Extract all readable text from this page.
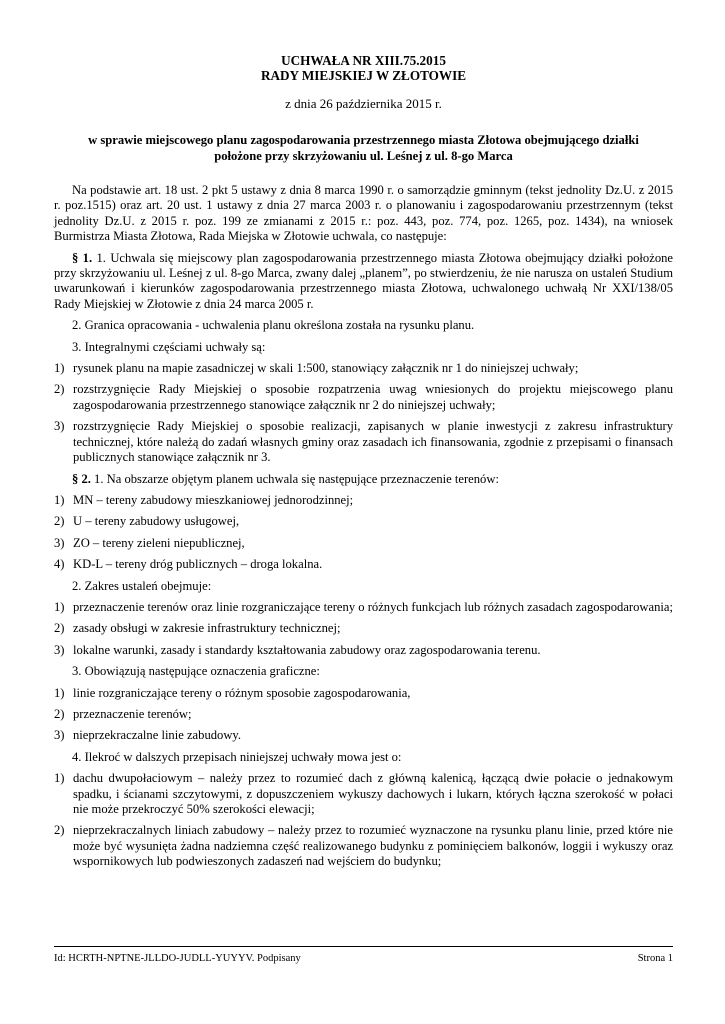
UCHWAŁA NR XIII.75.2015
RADY MIEJSKIEJ W ZŁOTOWIE
z dnia 26 października 2015 r.
w sprawie miejscowego planu zagospodarowania przestrzennego miasta Złotowa obejmującego działki
położone przy skrzyżowaniu ul. Leśnej z ul. 8-go Marca

Na podstawie art. 18 ust. 2 pkt 5 ustawy z dnia 8 marca 1990 r. o samorządzie gminnym (tekst jednolity Dz.U. z 2015 r. poz.1515) oraz art. 20 ust. 1 ustawy z dnia 27 marca 2003 r. o planowaniu i zagospodarowaniu przestrzennym (tekst jednolity Dz.U. z 2015 r. poz. 199 ze zmianami z 2015 r.: poz. 443, poz. 774, poz. 1265, poz. 1434), na wniosek Burmistrza Miasta Złotowa, Rada Miejska w Złotowie uchwala, co następuje:

§ 1. 1. Uchwala się miejscowy plan zagospodarowania przestrzennego miasta Złotowa obejmujący działki położone przy skrzyżowaniu ul. Leśnej z ul. 8-go Marca, zwany dalej „planem”, po stwierdzeniu, że nie narusza on ustaleń Studium uwarunkowań i kierunków zagospodarowania przestrzennego miasta Złotowa, uchwalonego uchwałą Nr XXI/138/05 Rady Miejskiej w Złotowie z dnia 24 marca 2005 r.

2. Granica opracowania - uchwalenia planu określona została na rysunku planu.

3. Integralnymi częściami uchwały są:

1) rysunek planu na mapie zasadniczej w skali 1:500, stanowiący załącznik nr 1 do niniejszej uchwały;
2) rozstrzygnięcie Rady Miejskiej o sposobie rozpatrzenia uwag wniesionych do projektu miejscowego planu zagospodarowania przestrzennego stanowiące załącznik nr 2 do niniejszej uchwały;
3) rozstrzygnięcie Rady Miejskiej o sposobie realizacji, zapisanych w planie inwestycji z zakresu infrastruktury technicznej, które należą do zadań własnych gminy oraz zasadach ich finansowania, zgodnie z przepisami o finansach publicznych stanowiące załącznik nr 3.

§ 2. 1. Na obszarze objętym planem uchwala się następujące przeznaczenie terenów:

1) MN – tereny zabudowy mieszkaniowej jednorodzinnej;
2) U – tereny zabudowy usługowej,
3) ZO – tereny zieleni niepublicznej,
4) KD-L – tereny dróg publicznych – droga lokalna.

2. Zakres ustaleń obejmuje:

1) przeznaczenie terenów oraz linie rozgraniczające tereny o różnych funkcjach lub różnych zasadach zagospodarowania;
2) zasady obsługi w zakresie infrastruktury technicznej;
3) lokalne warunki, zasady i standardy kształtowania zabudowy oraz zagospodarowania terenu.

3. Obowiązują następujące oznaczenia graficzne:

1) linie rozgraniczające tereny o różnym sposobie zagospodarowania,
2) przeznaczenie terenów;
3) nieprzekraczalne linie zabudowy.

4. Ilekroć w dalszych przepisach niniejszej uchwały mowa jest o:

1) dachu dwupołaciowym – należy przez to rozumieć dach z główną kalenicą, łączącą dwie połacie o jednakowym spadku, i ścianami szczytowymi, z dopuszczeniem wykuszy dachowych i lukarn, których łączna szerokość w połaci nie może przekroczyć 50% szerokości elewacji;
2) nieprzekraczalnych liniach zabudowy – należy przez to rozumieć wyznaczone na rysunku planu linie, przed które nie może być wysunięta żadna nadziemna część realizowanego budynku z pominięciem balkonów, loggii i wykuszy oraz wspornikowych lub podwieszonych zadaszeń nad wejściem do budynku;
Id: HCRTH-NPTNE-JLLDO-JUDLL-YUYYV. Podpisany	Strona 1
